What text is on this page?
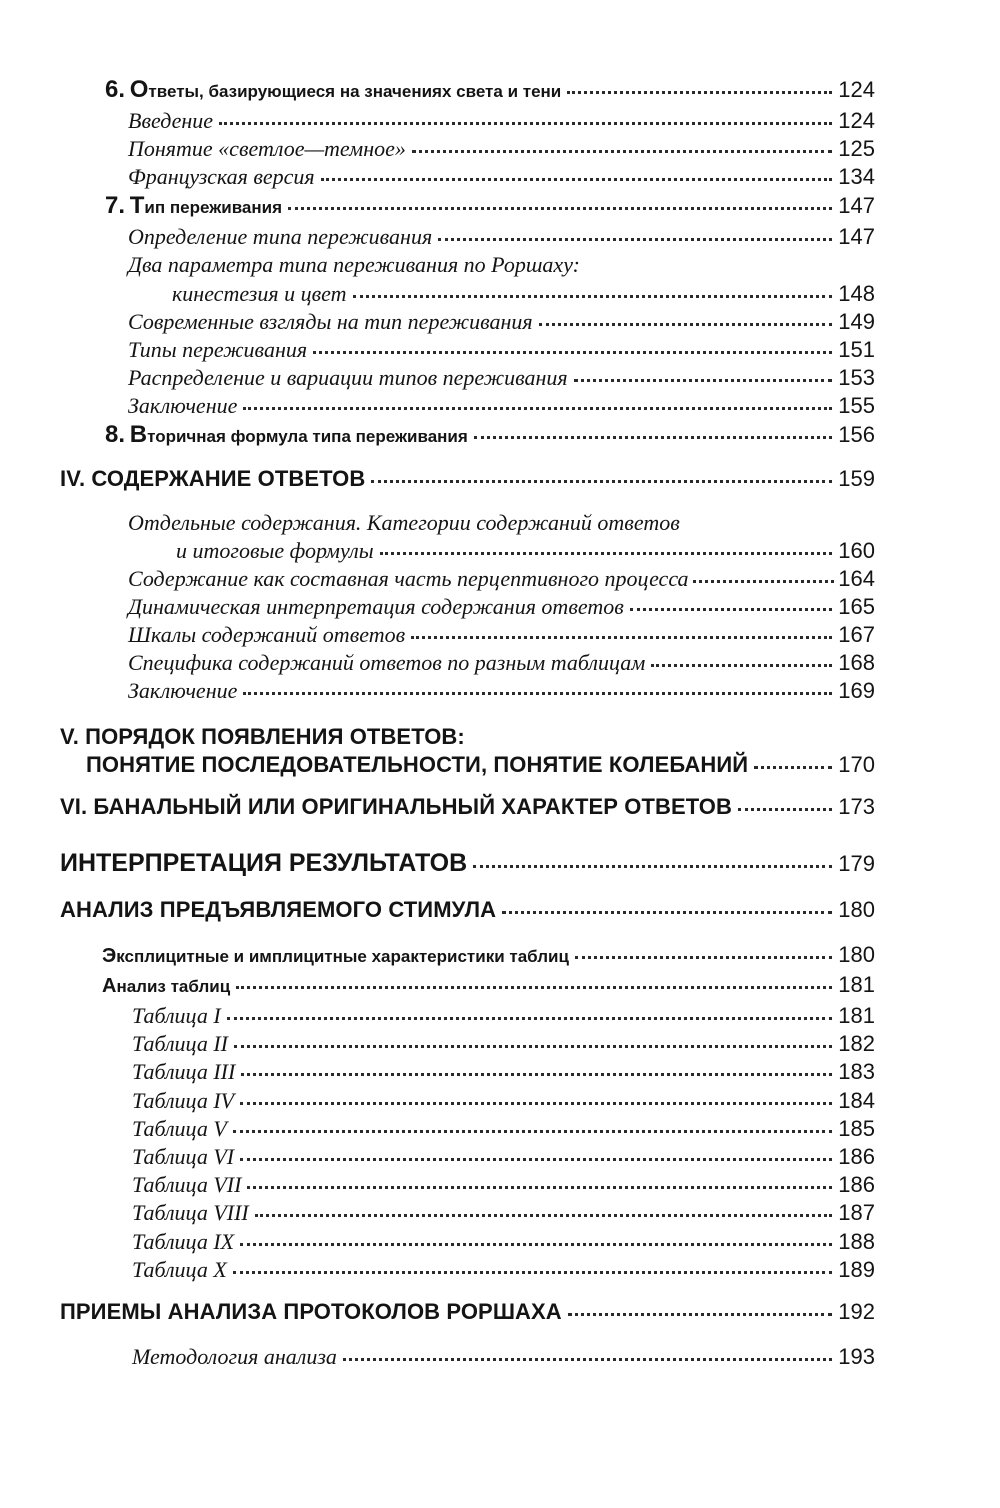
6. Ответы, базирующиеся на значениях света и тени	124
Введение	124
Понятие «светлое—темное»	125
Французская версия	134
7. Тип переживания	147
Определение типа переживания	147
Два параметра типа переживания по Роршаху:
кинестезия и цвет	148
Современные взгляды на тип переживания	149
Типы переживания	151
Распределение и вариации типов переживания	153
Заключение	155
8. Вторичная формула типа переживания	156
IV. СОДЕРЖАНИЕ ОТВЕТОВ	159
Отдельные содержания. Категории содержаний ответов
и итоговые формулы	160
Содержание как составная часть перцептивного процесса	164
Динамическая интерпретация содержания ответов	165
Шкалы содержаний ответов	167
Специфика содержаний ответов по разным таблицам	168
Заключение	169
V. ПОРЯДОК ПОЯВЛЕНИЯ ОТВЕТОВ:
ПОНЯТИЕ ПОСЛЕДОВАТЕЛЬНОСТИ, ПОНЯТИЕ КОЛЕБАНИЙ	170
VI. БАНАЛЬНЫЙ ИЛИ ОРИГИНАЛЬНЫЙ ХАРАКТЕР ОТВЕТОВ	173
ИНТЕРПРЕТАЦИЯ РЕЗУЛЬТАТОВ	179
АНАЛИЗ ПРЕДЪЯВЛЯЕМОГО СТИМУЛА	180
Эксплицитные и имплицитные характеристики таблиц	180
Анализ таблиц	181
Таблица I	181
Таблица II	182
Таблица III	183
Таблица IV	184
Таблица V	185
Таблица VI	186
Таблица VII	186
Таблица VIII	187
Таблица IX	188
Таблица X	189
ПРИЕМЫ АНАЛИЗА ПРОТОКОЛОВ РОРШАХА	192
Методология анализа	193
